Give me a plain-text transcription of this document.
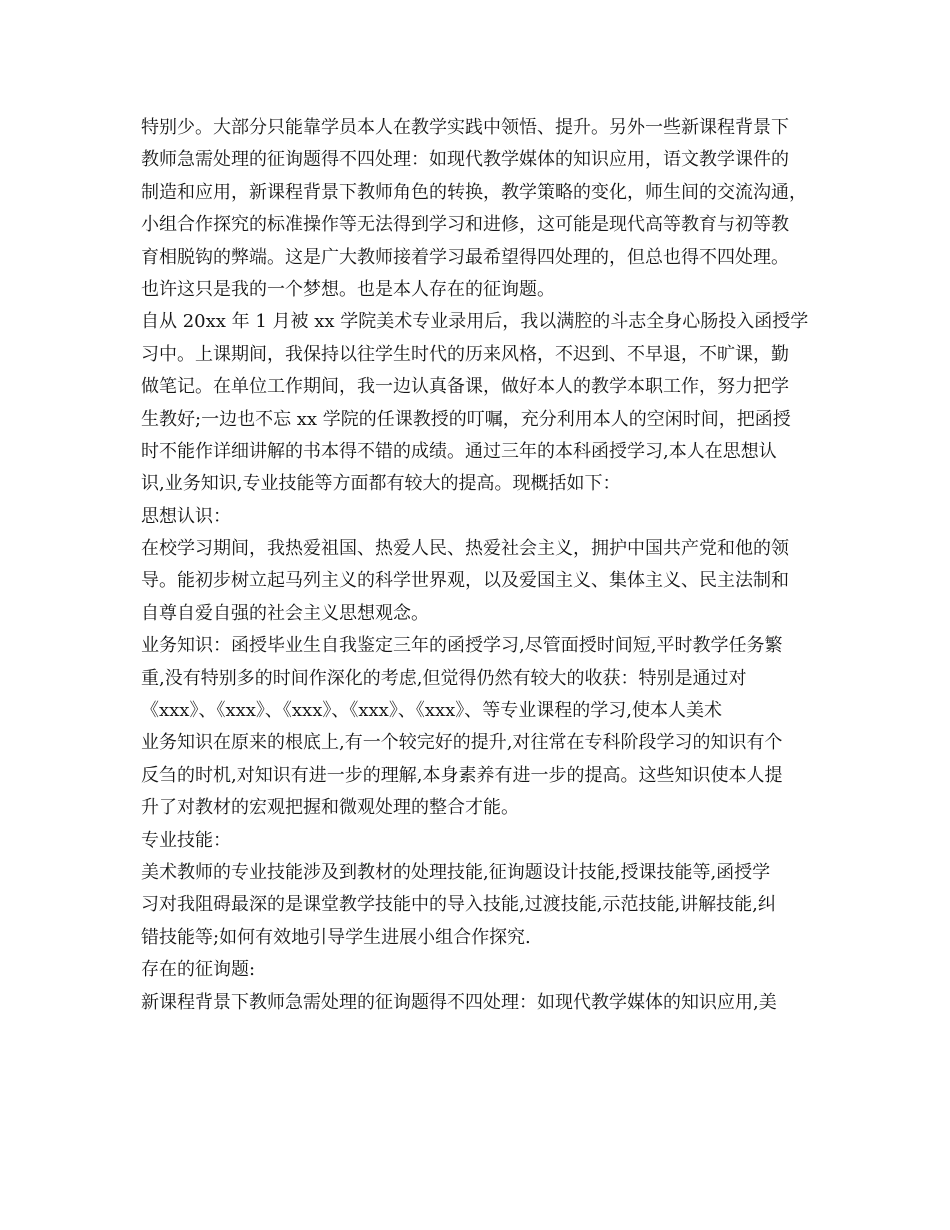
特别少。大部分只能靠学员本人在教学实践中领悟、提升。另外一些新课程背景下
教师急需处理的征询题得不四处理：如现代教学媒体的知识应用，语文教学课件的
制造和应用，新课程背景下教师角色的转换，教学策略的变化，师生间的交流沟通，
小组合作探究的标准操作等无法得到学习和进修，这可能是现代高等教育与初等教
育相脱钩的弊端。这是广大教师接着学习最希望得四处理的，但总也得不四处理。
也许这只是我的一个梦想。也是本人存在的征询题。
自从 20xx 年 1 月被 xx 学院美术专业录用后，我以满腔的斗志全身心肠投入函授学
习中。上课期间，我保持以往学生时代的历来风格，不迟到、不早退，不旷课，勤
做笔记。在单位工作期间，我一边认真备课，做好本人的教学本职工作，努力把学
生教好;一边也不忘 xx 学院的任课教授的叮嘱，充分利用本人的空闲时间，把函授
时不能作详细讲解的书本得不错的成绩。通过三年的本科函授学习,本人在思想认
识,业务知识,专业技能等方面都有较大的提高。现概括如下：
思想认识：
在校学习期间，我热爱祖国、热爱人民、热爱社会主义，拥护中国共产党和他的领
导。能初步树立起马列主义的科学世界观，以及爱国主义、集体主义、民主法制和
自尊自爱自强的社会主义思想观念。
业务知识：函授毕业生自我鉴定三年的函授学习,尽管面授时间短,平时教学任务繁
重,没有特别多的时间作深化的考虑,但觉得仍然有较大的收获：特别是通过对
《xxx》、《xxx》、《xxx》、《xxx》、《xxx》、等专业课程的学习,使本人美术
业务知识在原来的根底上,有一个较完好的提升,对往常在专科阶段学习的知识有个
反刍的时机,对知识有进一步的理解,本身素养有进一步的提高。这些知识使本人提
升了对教材的宏观把握和微观处理的整合才能。
专业技能：
美术教师的专业技能涉及到教材的处理技能,征询题设计技能,授课技能等,函授学
习对我阻碍最深的是课堂教学技能中的导入技能,过渡技能,示范技能,讲解技能,纠
错技能等;如何有效地引导学生进展小组合作探究.
存在的征询题:
新课程背景下教师急需处理的征询题得不四处理：如现代教学媒体的知识应用,美
